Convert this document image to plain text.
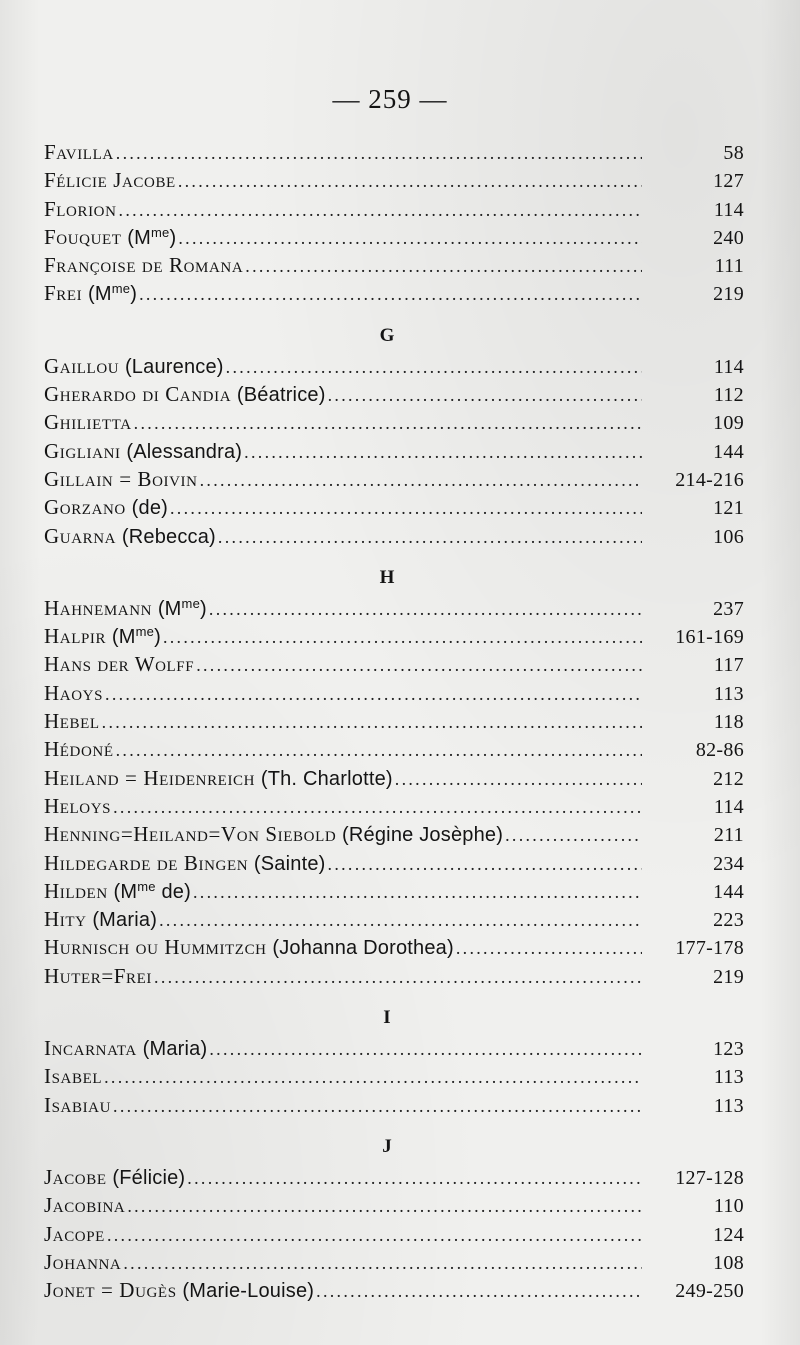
— 259 —
Favilla .....	58
Félicie Jacobe .....	127
Florion .....	114
Fouquet $(M^{me})$ .....	240
Françoise de Romana .....	111
Frei $(M^{me})$ .....	219
G
Gaillou (Laurence) .....	114
Gherardo di Candia (Béatrice) .....	112
Ghilietta .....	109
Gigliani (Alessandra) .....	144
Gillain = Boivin .....	214-216
Gorzano (de) .....	121
Guarna (Rebecca) .....	106
H
Hahnemann $(M^{me})$ .....	237
Halpir $(M^{me})$ .....	161-169
Hans der Wolff .....	117
Haoys .....	113
Hebel .....	118
Hédoné .....	82-86
Heiland = Heidenreich (Th. Charlotte) .....	212
Heloys .....	114
Henning=Heiland=Von Siebold (Régine Josèphe) .....	211
Hildegarde de Bingen (Sainte) .....	234
Hilden ($M^{me}$ de) .....	144
Hity (Maria) .....	223
Hurnisch ou Hummitzch (Johanna Dorothea) .....	177-178
Huter=Frei .....	219
I
Incarnata (Maria) .....	123
Isabel .....	113
Isabiau .....	113
J
Jacobe (Félicie) .....	127-128
Jacobina .....	110
Jacope .....	124
Johanna .....	108
Jonet = Dugès (Marie-Louise) .....	249-250
